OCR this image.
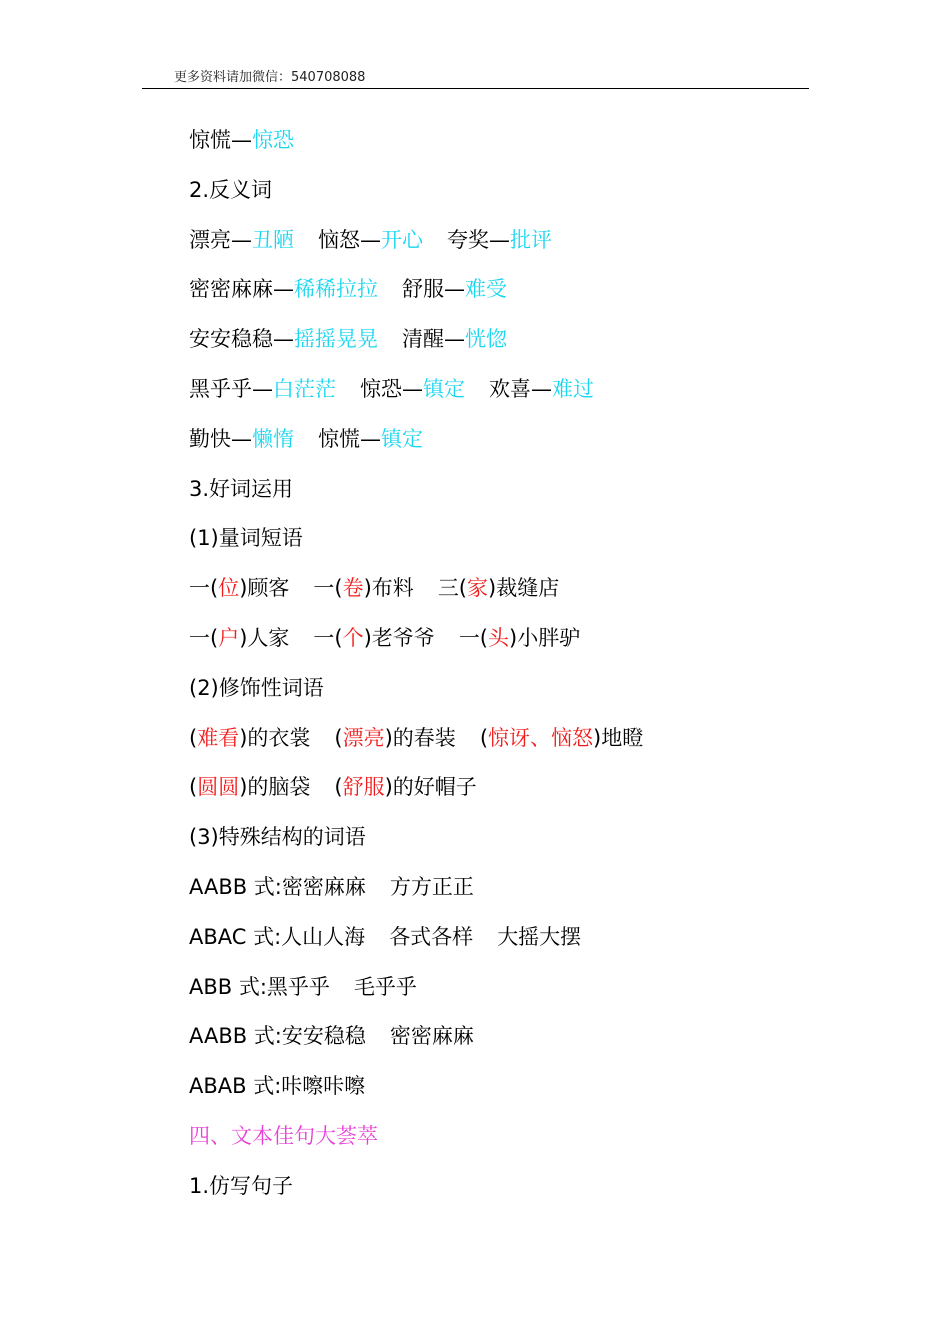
更多资料请加微信：540708088
惊慌—惊恐
2.反义词
漂亮—丑陋 恼怒—开心 夸奖—批评
密密麻麻—稀稀拉拉 舒服—难受
安安稳稳—摇摇晃晃 清醒—恍惚
黑乎乎—白茫茫 惊恐—镇定 欢喜—难过
勤快—懒惰 惊慌—镇定
3.好词运用
(1)量词短语
一(位)顾客 一(卷)布料 三(家)裁缝店
一(户)人家 一(个)老爷爷 一(头)小胖驴
(2)修饰性词语
(难看)的衣裳 (漂亮)的春装 (惊讶、恼怒)地瞪
(圆圆)的脑袋 (舒服)的好帽子
(3)特殊结构的词语
AABB 式:密密麻麻 方方正正
ABAC 式:人山人海 各式各样 大摇大摆
ABB 式:黑乎乎 毛乎乎
AABB 式:安安稳稳 密密麻麻
ABAB 式:咔嚓咔嚓
四、文本佳句大荟萃
1.仿写句子
